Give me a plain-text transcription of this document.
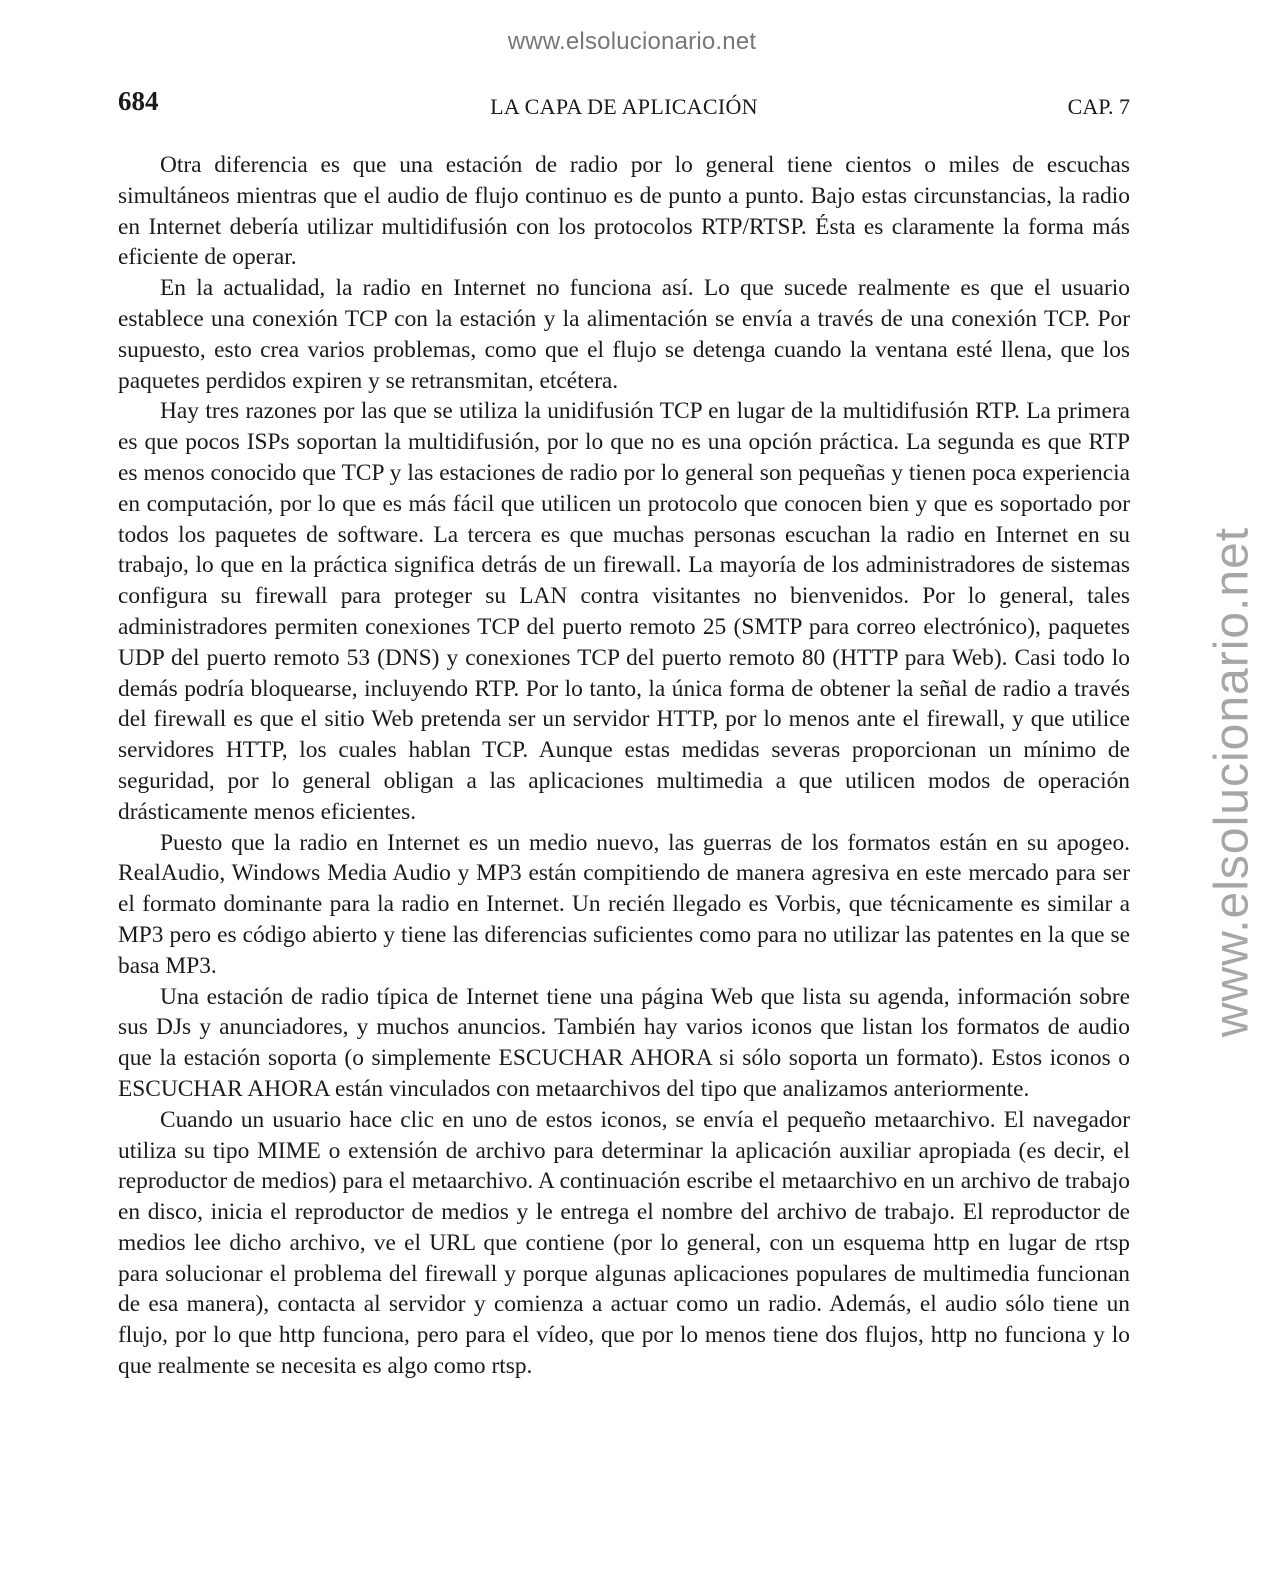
www.elsolucionario.net
www.elsolucionario.net
684	LA CAPA DE APLICACIÓN	CAP. 7

Otra diferencia es que una estación de radio por lo general tiene cientos o miles de escuchas simultáneos mientras que el audio de flujo continuo es de punto a punto. Bajo estas circunstancias, la radio en Internet debería utilizar multidifusión con los protocolos RTP/RTSP. Ésta es claramente la forma más eficiente de operar.

En la actualidad, la radio en Internet no funciona así. Lo que sucede realmente es que el usuario establece una conexión TCP con la estación y la alimentación se envía a través de una conexión TCP. Por supuesto, esto crea varios problemas, como que el flujo se detenga cuando la ventana esté llena, que los paquetes perdidos expiren y se retransmitan, etcétera.

Hay tres razones por las que se utiliza la unidifusión TCP en lugar de la multidifusión RTP. La primera es que pocos ISPs soportan la multidifusión, por lo que no es una opción práctica. La segunda es que RTP es menos conocido que TCP y las estaciones de radio por lo general son pequeñas y tienen poca experiencia en computación, por lo que es más fácil que utilicen un protocolo que conocen bien y que es soportado por todos los paquetes de software. La tercera es que muchas personas escuchan la radio en Internet en su trabajo, lo que en la práctica significa detrás de un firewall. La mayoría de los administradores de sistemas configura su firewall para proteger su LAN contra visitantes no bienvenidos. Por lo general, tales administradores permiten conexiones TCP del puerto remoto 25 (SMTP para correo electrónico), paquetes UDP del puerto remoto 53 (DNS) y conexiones TCP del puerto remoto 80 (HTTP para Web). Casi todo lo demás podría bloquearse, incluyendo RTP. Por lo tanto, la única forma de obtener la señal de radio a través del firewall es que el sitio Web pretenda ser un servidor HTTP, por lo menos ante el firewall, y que utilice servidores HTTP, los cuales hablan TCP. Aunque estas medidas severas proporcionan un mínimo de seguridad, por lo general obligan a las aplicaciones multimedia a que utilicen modos de operación drásticamente menos eficientes.

Puesto que la radio en Internet es un medio nuevo, las guerras de los formatos están en su apogeo. RealAudio, Windows Media Audio y MP3 están compitiendo de manera agresiva en este mercado para ser el formato dominante para la radio en Internet. Un recién llegado es Vorbis, que técnicamente es similar a MP3 pero es código abierto y tiene las diferencias suficientes como para no utilizar las patentes en la que se basa MP3.

Una estación de radio típica de Internet tiene una página Web que lista su agenda, información sobre sus DJs y anunciadores, y muchos anuncios. También hay varios iconos que listan los formatos de audio que la estación soporta (o simplemente ESCUCHAR AHORA si sólo soporta un formato). Estos iconos o ESCUCHAR AHORA están vinculados con metaarchivos del tipo que analizamos anteriormente.

Cuando un usuario hace clic en uno de estos iconos, se envía el pequeño metaarchivo. El navegador utiliza su tipo MIME o extensión de archivo para determinar la aplicación auxiliar apropiada (es decir, el reproductor de medios) para el metaarchivo. A continuación escribe el metaarchivo en un archivo de trabajo en disco, inicia el reproductor de medios y le entrega el nombre del archivo de trabajo. El reproductor de medios lee dicho archivo, ve el URL que contiene (por lo general, con un esquema http en lugar de rtsp para solucionar el problema del firewall y porque algunas aplicaciones populares de multimedia funcionan de esa manera), contacta al servidor y comienza a actuar como un radio. Además, el audio sólo tiene un flujo, por lo que http funciona, pero para el vídeo, que por lo menos tiene dos flujos, http no funciona y lo que realmente se necesita es algo como rtsp.
